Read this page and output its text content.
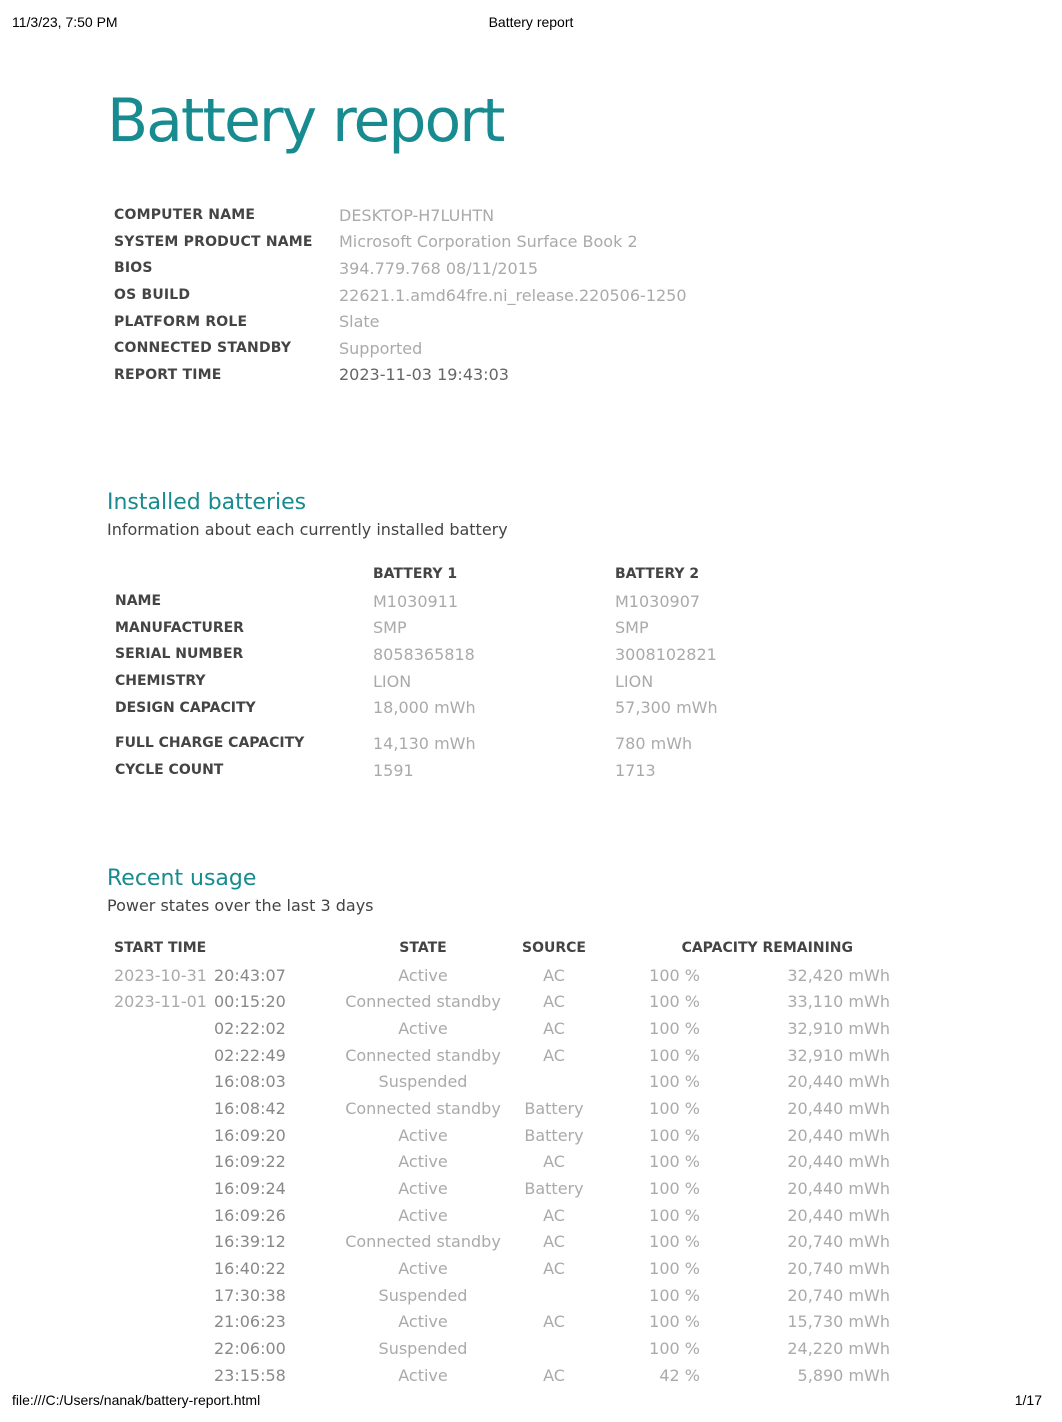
11/3/23, 7:50 PM	Battery report
Battery report
COMPUTER NAME	DESKTOP-H7LUHTN
SYSTEM PRODUCT NAME	Microsoft Corporation Surface Book 2
BIOS	394.779.768 08/11/2015
OS BUILD	22621.1.amd64fre.ni_release.220506-1250
PLATFORM ROLE	Slate
CONNECTED STANDBY	Supported
REPORT TIME	2023-11-03 19:43:03
Installed batteries
Information about each currently installed battery
	BATTERY 1	BATTERY 2
NAME	M1030911	M1030907
MANUFACTURER	SMP	SMP
SERIAL NUMBER	8058365818	3008102821
CHEMISTRY	LION	LION
DESIGN CAPACITY	18,000 mWh	57,300 mWh

FULL CHARGE CAPACITY	14,130 mWh	780 mWh
CYCLE COUNT	1591	1713
Recent usage
Power states over the last 3 days
START TIME		STATE	SOURCE	CAPACITY REMAINING	
2023-10-31	20:43:07	Active	AC	100 %	32,420 mWh
2023-11-01	00:15:20	Connected standby	AC	100 %	33,110 mWh
	02:22:02	Active	AC	100 %	32,910 mWh
	02:22:49	Connected standby	AC	100 %	32,910 mWh
	16:08:03	Suspended		100 %	20,440 mWh
	16:08:42	Connected standby	Battery	100 %	20,440 mWh
	16:09:20	Active	Battery	100 %	20,440 mWh
	16:09:22	Active	AC	100 %	20,440 mWh
	16:09:24	Active	Battery	100 %	20,440 mWh
	16:09:26	Active	AC	100 %	20,440 mWh
	16:39:12	Connected standby	AC	100 %	20,740 mWh
	16:40:22	Active	AC	100 %	20,740 mWh
	17:30:38	Suspended		100 %	20,740 mWh
	21:06:23	Active	AC	100 %	15,730 mWh
	22:06:00	Suspended		100 %	24,220 mWh
	23:15:58	Active	AC	42 %	5,890 mWh
file:///C:/Users/nanak/battery-report.html	1/17
